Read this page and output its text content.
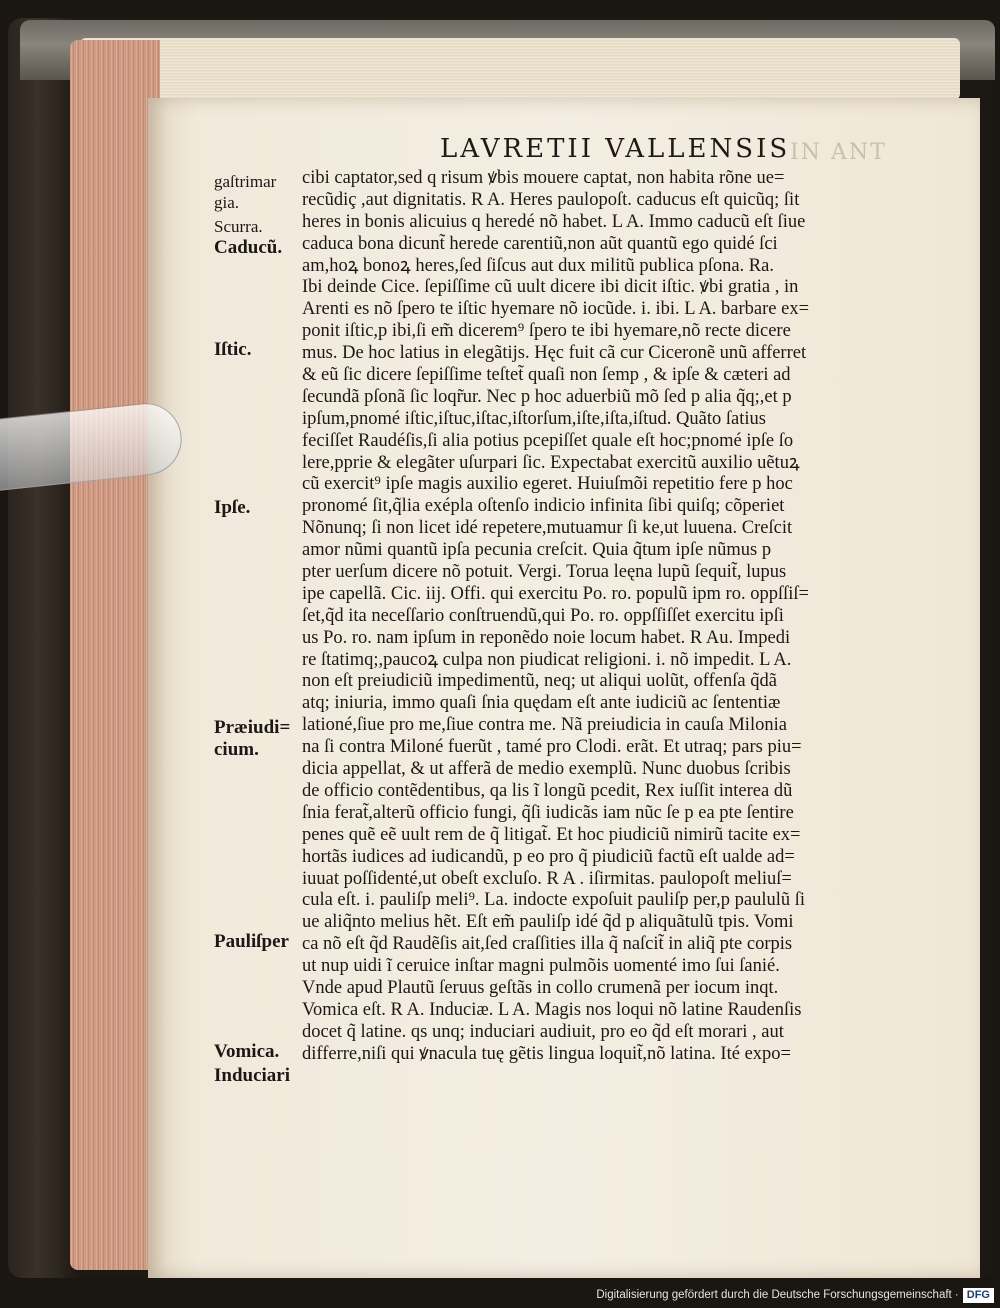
LAVRETII VALLENSIS IN ANT
cibi captator,sed q risum ꝟbis mouere captat, non habita rõne ue=
recũdiç ,aut dignitatis. R A. Heres paulopoſt. caducus eſt quicũq; ſit
heres in bonis alicuius q heredé nõ habet. L A. Immo caducũ eſt ſiue
caduca bona dicunt̃ herede carentiũ,non aũt quantũ ego quidé ſci
am,hoꝝ bonoꝝ heres,ſed ſiſcus aut dux militũ publica pſona. Ra.
Ibi deinde Cice. ſepiſſime cũ uult dicere ibi dicit iſtic. ꝟbi gratia , in
Arenti es nõ ſpero te iſtic hyemare nõ iocũde. i. ibi. L A. barbare ex=
ponit iſtic,p ibi,ſi em̃ dicerem⁹ ſpero te ibi hyemare,nõ recte dicere
mus. De hoc latius in elegãtijs. Hęc fuit cã cur Ciceronẽ unũ afferret
& eũ ſic dicere ſepiſſime teſtet̃ quaſi non ſemp , & ipſe & cæteri ad
ſecundã pſonã ſic loqr̃ur. Nec p hoc aduerbiũ mõ ſed p alia q̃q;,et p
ipſum,pnomé iſtic,iſtuc,iſtac,iſtorſum,iſte,iſta,iſtud. Quãto ſatius
feciſſet Raudéſis,ſi alia potius pcepiſſet quale eſt hoc;pnomé ipſe ſo
lere,pprie & elegãter uſurpari ſic. Expectabat exercitũ auxilio uẽtuꝝ
cũ exercit⁹ ipſe magis auxilio egeret. Huiuſmõi repetitio fere p hoc
pronomé ſit,q̃lia exépla oſtenſo indicio infinita ſibi quiſq; cõperiet
Nõnunq; ſi non licet idé repetere,mutuamur ſi ke,ut luuena. Creſcit
amor nũmi quantũ ipſa pecunia creſcit. Quia q̃tum ipſe nũmus p
pter uerſum dicere nõ potuit. Vergi. Torua leęna lupũ ſequit̃, lupus
ipe capellã. Cic. iij. Offi. qui exercitu Po. ro. populũ ipm ro. oppſſiſ=
ſet,q̃d ita neceſſario conſtruendũ,qui Po. ro. oppſſiſſet exercitu ipſi
us Po. ro. nam ipſum in reponẽdo noie locum habet. R Au. Impedi
re ſtatimq;,paucoꝝ culpa non piudicat religioni. i. nõ impedit. L A.
non eſt preiudiciũ impedimentũ, neq; ut aliqui uolũt, offenſa q̃dã
atq; iniuria, immo quaſi ſnia quędam eſt ante iudiciũ ac ſententiæ
lationé,ſiue pro me,ſiue contra me. Nã preiudicia in cauſa Milonia
na ſi contra Miloné fuerũt , tamé pro Clodi. erãt. Et utraq; pars piu=
dicia appellat, & ut afferã de medio exemplũ. Nunc duobus ſcribis
de officio contẽdentibus, qa lis ĩ longũ pcedit, Rex iuſſit interea dũ
ſnia ferat̃,alterũ officio fungi, q̃ſi iudicãs iam nũc ſe p ea pte ſentire
penes quẽ eẽ uult rem de q̃ litigat̃. Et hoc piudiciũ nimirũ tacite ex=
hortãs iudices ad iudicandũ, p eo pro q̃ piudiciũ factũ eſt ualde ad=
iuuat poſſidenté,ut obeſt excluſo. R A . iſirmitas. paulopoſt meliuſ=
cula eſt. i. pauliſp meli⁹. La. indocte expoſuit pauliſp per,p paululũ ſi
ue aliq̃nto melius hẽt. Eſt em̃ pauliſp idé q̃d p aliquãtulũ tpis. Vomi
ca nõ eſt q̃d Raudẽſis ait,ſed craſſities illa q̃ naſcit̃ in aliq̃ pte corpis
ut nup uidi ĩ ceruice inſtar magni pulmõis uomenté imo ſui ſanié.
Vnde apud Plautũ ſeruus geſtãs in collo crumenã per iocum inqt.
Vomica eſt. R A. Induciæ. L A. Magis nos loqui nõ latine Raudenſis
docet q̃ latine. qs unq; induciari audiuit, pro eo q̃d eſt morari , aut
differre,niſi qui ꝟnacula tuę gẽtis lingua loquit̃,nõ latina. Ité expo=
gaſtrimar
gia.
Scurra.
Caducũ.
Iſtic.
Ipſe.
Præiudi=
cium.
Pauliſper
Vomica.
Induciari
Digitalisierung gefördert durch die Deutsche Forschungsgemeinschaft · DFG
